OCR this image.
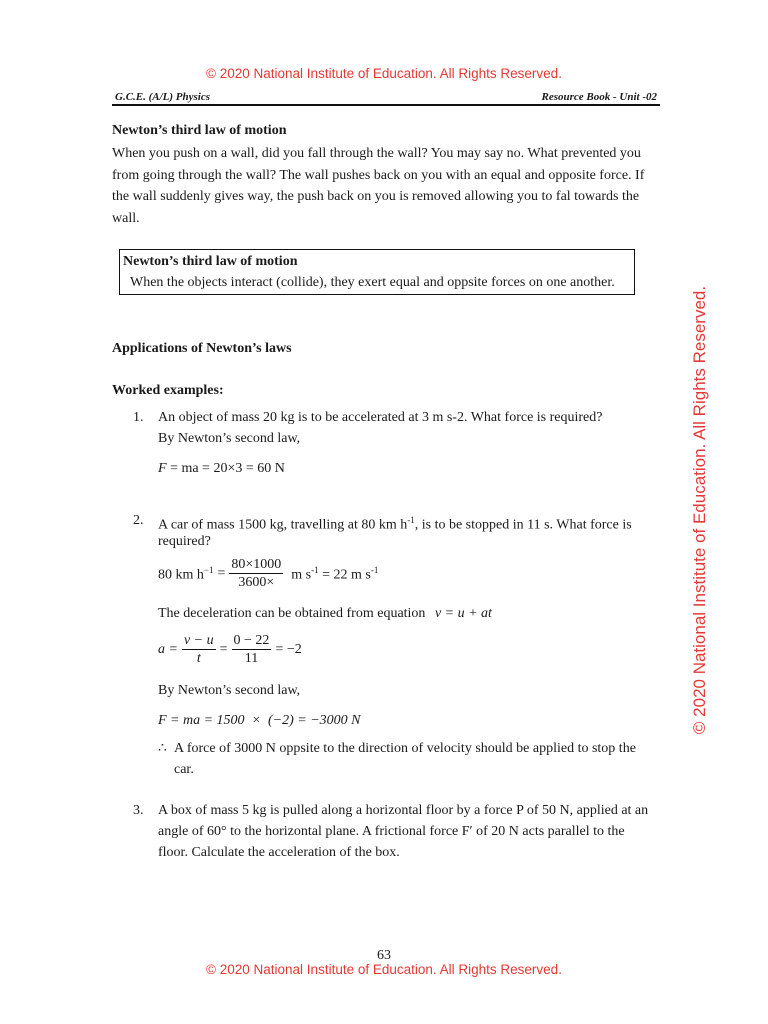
© 2020 National Institute of Education. All Rights Reserved.
G.C.E. (A/L) Physics	Resource Book - Unit -02
Newton’s third law of motion
When you push on a wall, did you fall through the wall? You may say no. What prevented you
from going through the wall? The wall pushes back on you with an equal and opposite force. If
the wall suddenly gives way, the push back on you is removed allowing you to fal towards the
wall.
Newton’s third law of motion
When the objects interact (collide), they exert equal and oppsite forces on one another.
Applications of Newton’s laws
Worked examples:
1. An object of mass 20 kg is to be accelerated at 3 m s-2. What force is required?
By Newton’s second law,
F = ma = 20×3 = 60 N
2. A car of mass 1500 kg, travelling at 80 km $h^{-1}$, is to be stopped in 11 s. What force is
required?
80 km $h^{-1} = \frac{80\times 1000}{3600\times}$ m $s^{-1} = 22$ m $s^{-1}$
The deceleration can be obtained from equation v = u + at
$a = \frac{v - u}{t} = \frac{0 - 22}{11} = -2$
By Newton’s second law,
F = ma = 1500  ×  (−2) = −3000 N
∴ A force of 3000 N oppsite to the direction of velocity should be applied to stop the
car.
3. A box of mass 5 kg is pulled along a horizontal floor by a force P of 50 N, applied at an
angle of 60° to the horizontal plane. A frictional force F′ of 20 N acts parallel to the
floor. Calculate the acceleration of the box.
63
© 2020 National Institute of Education. All Rights Reserved.
© 2020 National Institute of Education. All Rights Reserved.
